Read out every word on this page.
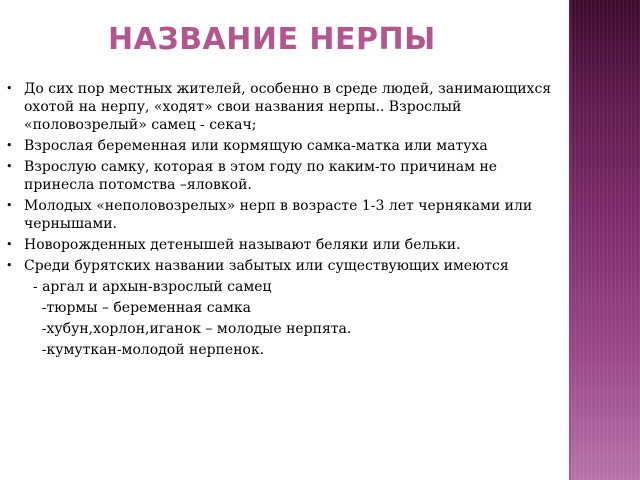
НАЗВАНИЕ НЕРПЫ
• До сих пор местных жителей, особенно в среде людей, занимающихся охотой на нерпу, «ходят» свои названия нерпы.. Взрослый «половозрелый» самец - секач;
• Взрослая беременная или кормящую самка-матка или матуха
• Взрослую самку, которая в этом году по каким-то причинам не принесла потомства –яловкой.
• Молодых «неполовозрелых» нерп в возрасте 1-3 лет черняками или чернышами.
• Новорожденных детенышей называют беляки или бельки.
• Среди бурятских названии забытых или существующих имеются
- аргал и архын-взрослый самец
-тюрмы – беременная самка
-хубун,хорлон,иганок – молодые нерпята.
-кумуткан-молодой нерпенок.
